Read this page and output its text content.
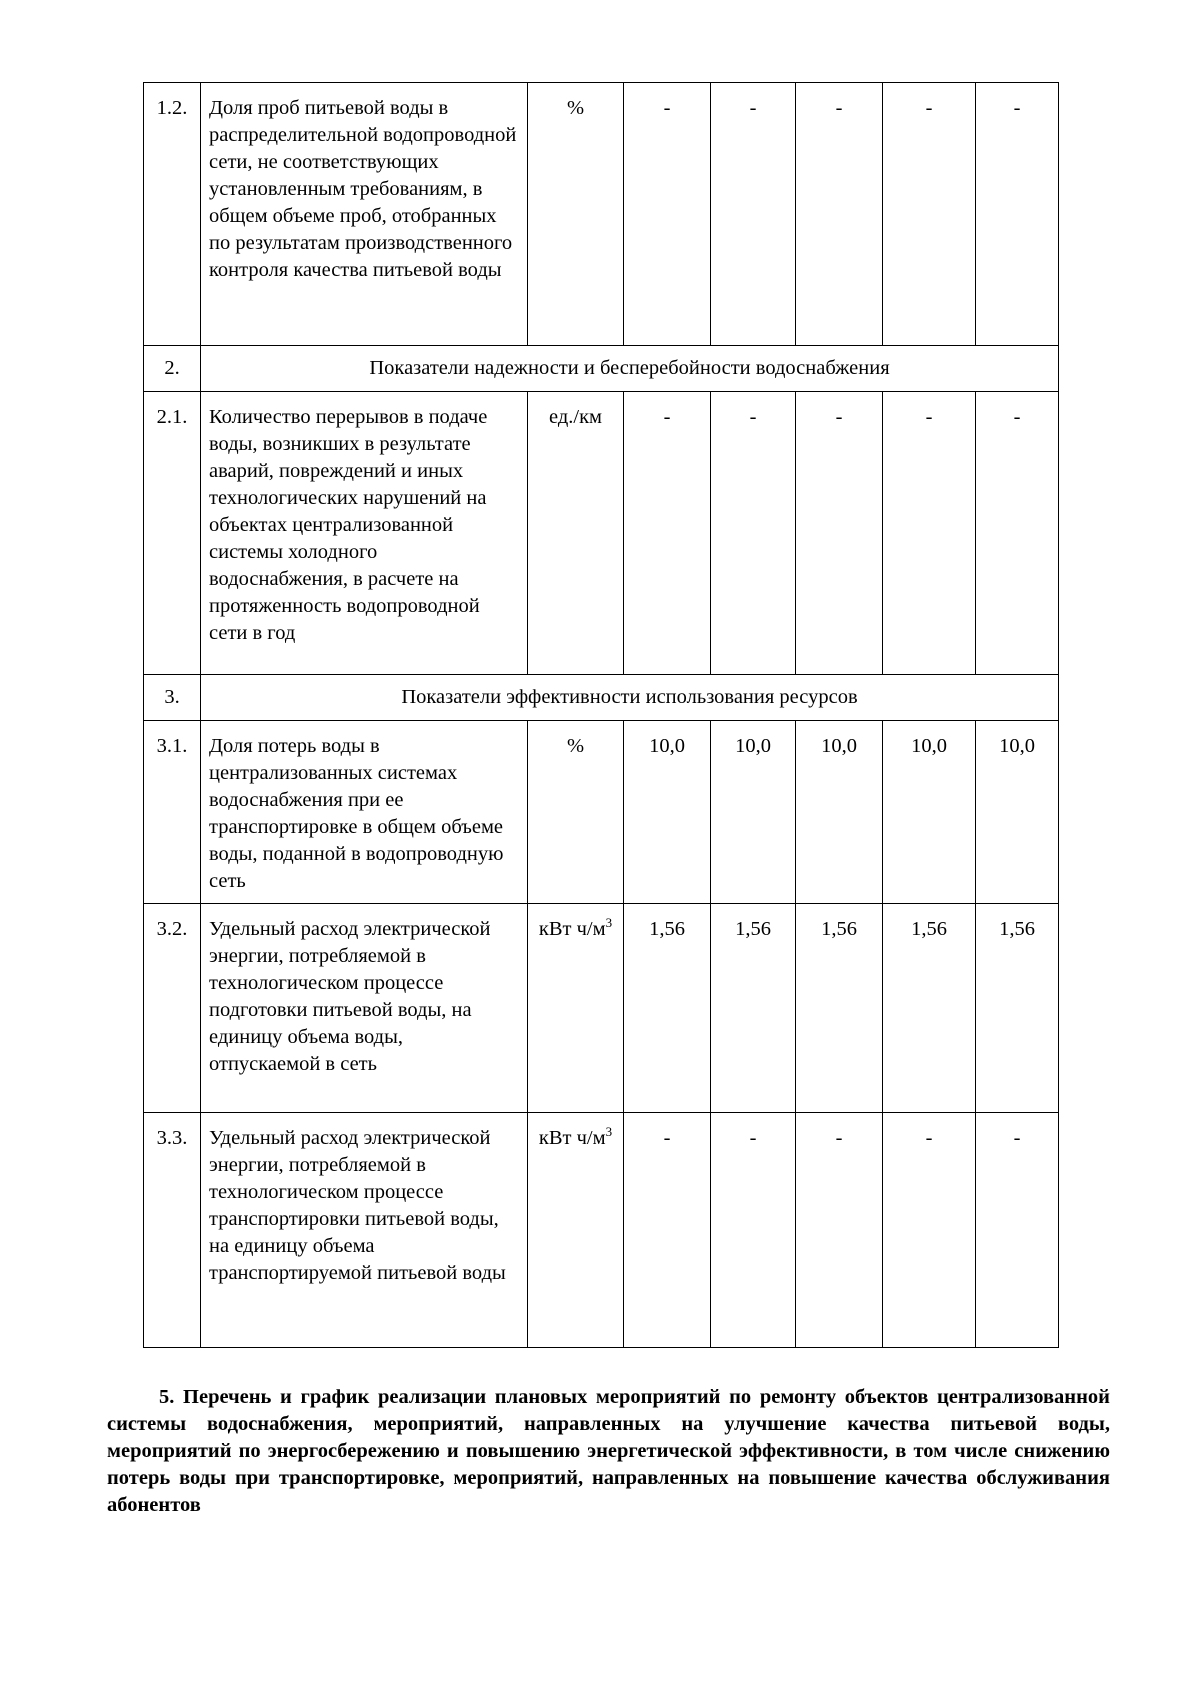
1.2.	Доля проб питьевой воды в распределительной водопроводной сети, не соответствующих установленным требованиям, в общем объеме проб, отобранных по результатам производственного контроля качества питьевой воды	%	-	-	-	-	-
2.	Показатели надежности и бесперебойности водоснабжения						
2.1.	Количество перерывов в подаче воды, возникших в результате аварий, повреждений и иных технологических нарушений на объектах централизованной системы холодного водоснабжения, в расчете на протяженность водопроводной сети в год	ед./км	-	-	-	-	-
3.	Показатели эффективности использования ресурсов						
3.1.	Доля потерь воды в централизованных системах водоснабжения при ее транспортировке в общем объеме воды, поданной в водопроводную сеть	%	10,0	10,0	10,0	10,0	10,0
3.2.	Удельный расход электрической энергии, потребляемой в технологическом процессе подготовки питьевой воды, на единицу объема воды, отпускаемой в сеть	кВт $ч/м^3$	1,56	1,56	1,56	1,56	1,56
3.3.	Удельный расход электрической энергии, потребляемой в технологическом процессе транспортировки питьевой воды, на единицу объема транспортируемой питьевой воды	кВт $ч/м^3$	-	-	-	-	-

5. Перечень и график реализации плановых мероприятий по ремонту объектов централизованной системы водоснабжения, мероприятий, направленных на улучшение качества питьевой воды, мероприятий по энергосбережению и повышению энергетической эффективности, в том числе снижению потерь воды при транспортировке, мероприятий, направленных на повышение качества обслуживания абонентов
